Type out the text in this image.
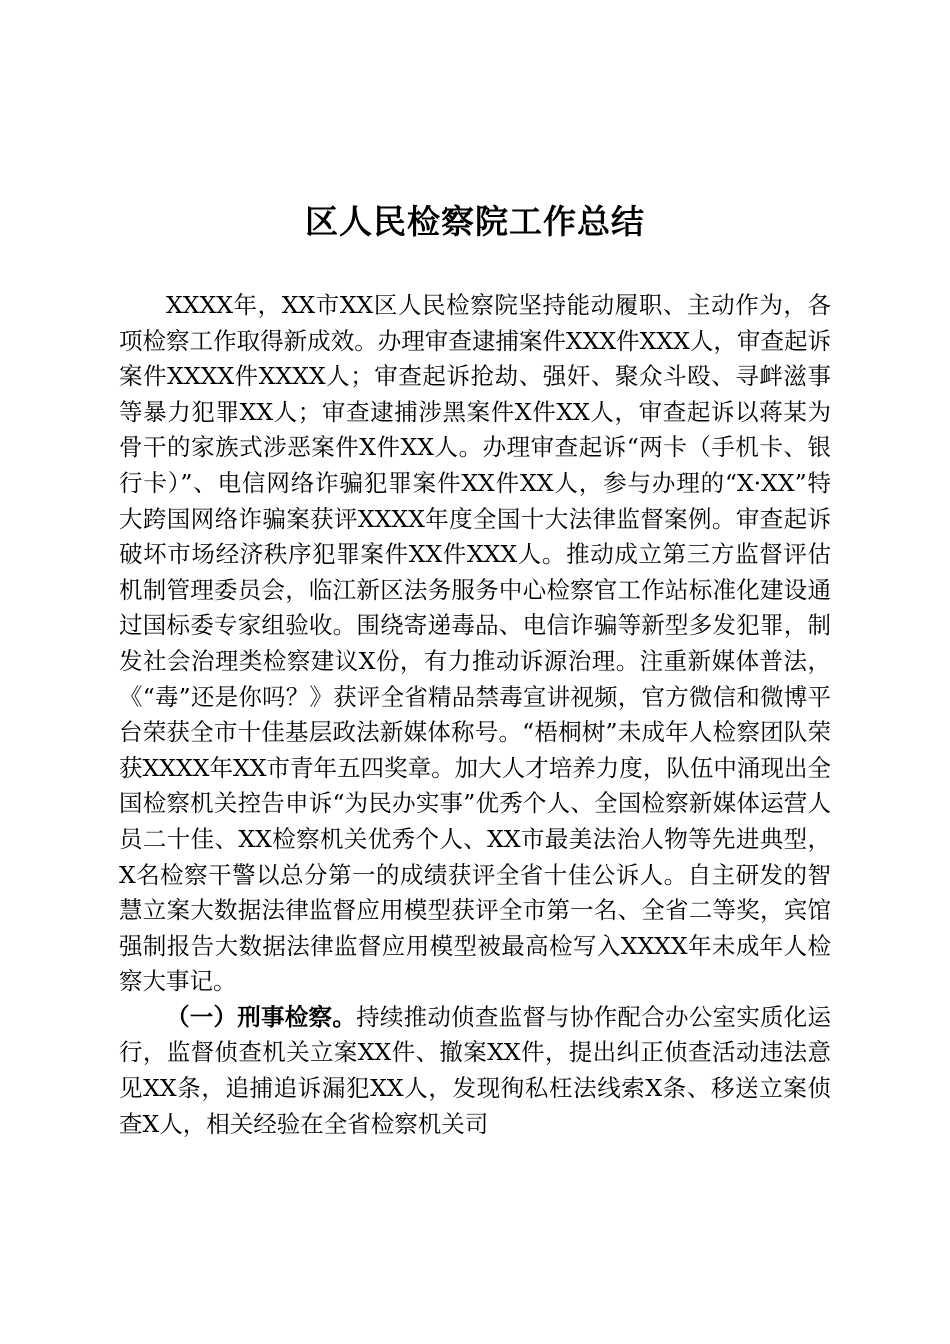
区人民检察院工作总结

XXXX年，XX市XX区人民检察院坚持能动履职、主动作为，各项检察工作取得新成效。办理审查逮捕案件XXX件XXX人，审查起诉案件XXXX件XXXX人；审查起诉抢劫、强奸、聚众斗殴、寻衅滋事等暴力犯罪XX人；审查逮捕涉黑案件X件XX人，审查起诉以蒋某为骨干的家族式涉恶案件X件XX人。办理审查起诉“两卡（手机卡、银行卡）”、电信网络诈骗犯罪案件XX件XX人，参与办理的“X·XX”特大跨国网络诈骗案获评XXXX年度全国十大法律监督案例。审查起诉破坏市场经济秩序犯罪案件XX件XXX人。推动成立第三方监督评估机制管理委员会，临江新区法务服务中心检察官工作站标准化建设通过国标委专家组验收。围绕寄递毒品、电信诈骗等新型多发犯罪，制发社会治理类检察建议X份，有力推动诉源治理。注重新媒体普法，《“毒”还是你吗？》获评全省精品禁毒宣讲视频，官方微信和微博平台荣获全市十佳基层政法新媒体称号。“梧桐树”未成年人检察团队荣获XXXX年XX市青年五四奖章。加大人才培养力度，队伍中涌现出全国检察机关控告申诉“为民办实事”优秀个人、全国检察新媒体运营人员二十佳、XX检察机关优秀个人、XX市最美法治人物等先进典型，X名检察干警以总分第一的成绩获评全省十佳公诉人。自主研发的智慧立案大数据法律监督应用模型获评全市第一名、全省二等奖，宾馆强制报告大数据法律监督应用模型被最高检写入XXXX年未成年人检察大事记。

（一）刑事检察。持续推动侦查监督与协作配合办公室实质化运行，监督侦查机关立案XX件、撤案XX件，提出纠正侦查活动违法意见XX条，追捕追诉漏犯XX人，发现徇私枉法线索X条、移送立案侦查X人，相关经验在全省检察机关司
